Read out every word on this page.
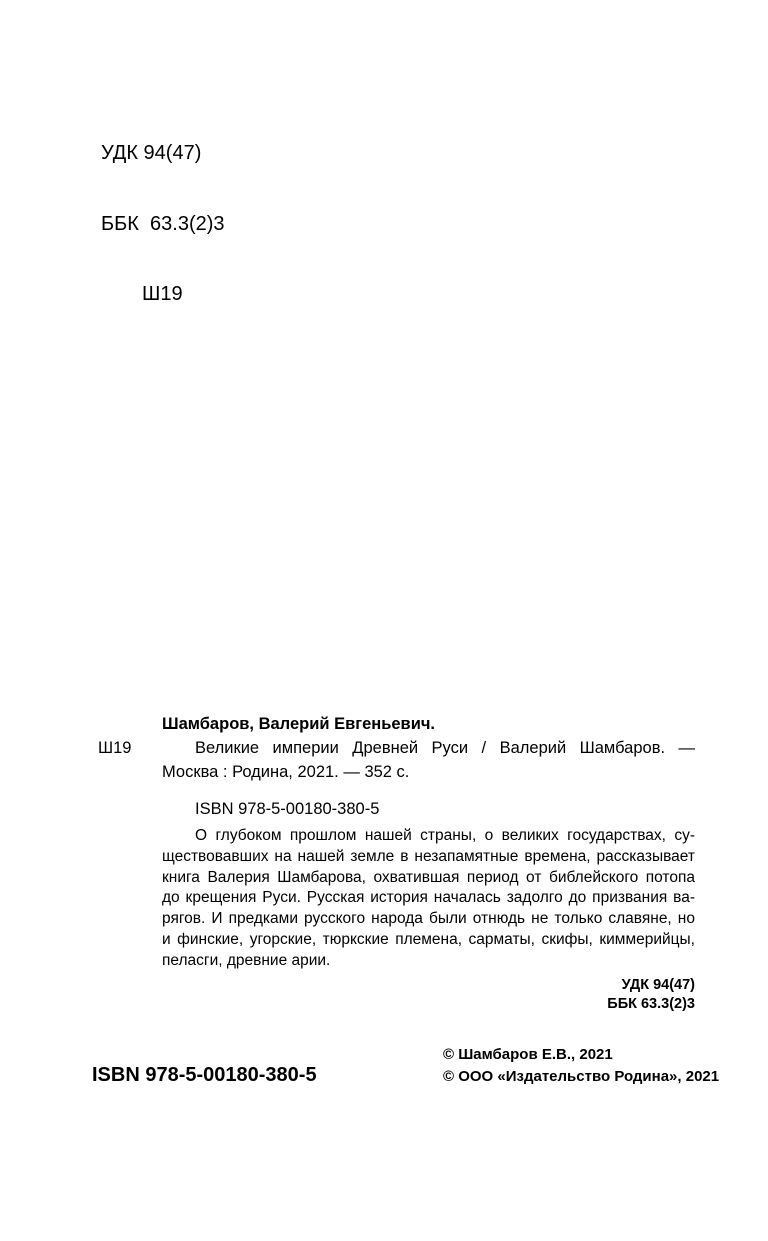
УДК 94(47)

ББК  63.3(2)3

Ш19

Ш19
Шамбаров, Валерий Евгеньевич.
Великие империи Древней Руси / Валерий Шамбаров. —
Москва : Родина, 2021. — 352 с.
ISBN 978-5-00180-380-5
О глубоком прошлом нашей страны, о великих государствах, су-
ществовавших на нашей земле в незапамятные времена, рассказывает
книга Валерия Шамбарова, охватившая период от библейского потопа
до крещения Руси. Русская история началась задолго до призвания ва-
рягов. И предками русского народа были отнюдь не только славяне, но
и финские, угорские, тюркские племена, сарматы, скифы, киммерийцы,
пеласги, древние арии.
УДК 94(47)
ББК 63.3(2)3
ISBN 978-5-00180-380-5
© Шамбаров Е.В., 2021
© ООО «Издательство Родина», 2021
